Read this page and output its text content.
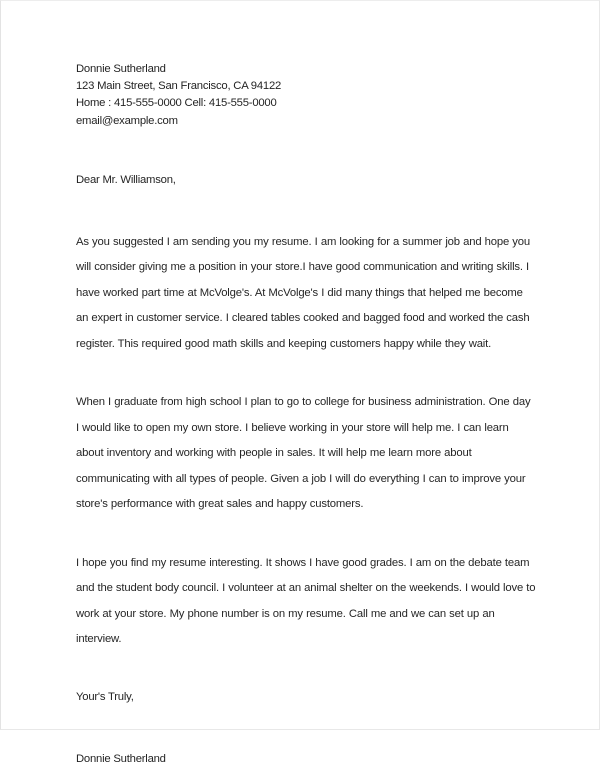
Donnie Sutherland
123 Main Street, San Francisco, CA 94122
Home : 415-555-0000 Cell: 415-555-0000
email@example.com
Dear Mr. Williamson,

As you suggested I am sending you my resume. I am looking for a summer job and hope you will consider giving me a position in your store.I have good communication and writing skills. I have worked part time at McVolge's. At McVolge's I did many things that helped me become an expert in customer service. I cleared tables cooked and bagged food and worked the cash register. This required good math skills and keeping customers happy while they wait.

When I graduate from high school I plan to go to college for business administration. One day I would like to open my own store. I believe working in your store will help me. I can learn about inventory and working with people in sales. It will help me learn more about communicating with all types of people. Given a job I will do everything I can to improve your store's performance with great sales and happy customers.

I hope you find my resume interesting. It shows I have good grades. I am on the debate team and the student body council. I volunteer at an animal shelter on the weekends. I would love to work at your store. My phone number is on my resume. Call me and we can set up an interview.

Your's Truly,
Donnie Sutherland
